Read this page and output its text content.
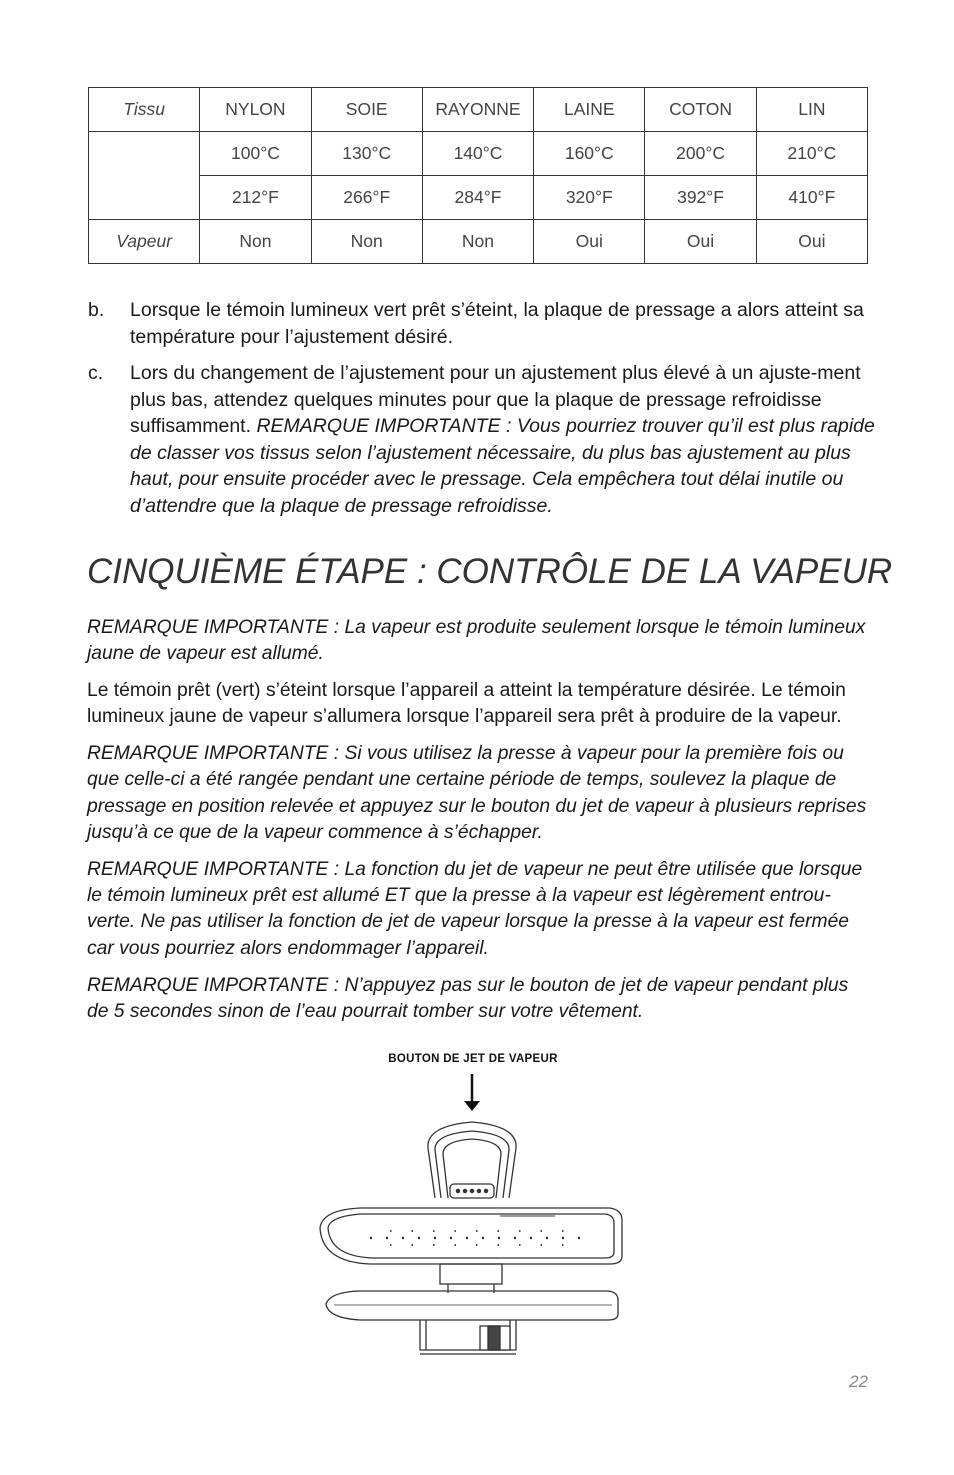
Tissu	NYLON	SOIE	RAYONNE	LAINE	COTON	LIN
	100°C	130°C	140°C	160°C	200°C	210°C
	212°F	266°F	284°F	320°F	392°F	410°F
Vapeur	Non	Non	Non	Oui	Oui	Oui
b. Lorsque le témoin lumineux vert prêt s’éteint, la plaque de pressage a alors atteint sa température pour l’ajustement désiré.
c. Lors du changement de l’ajustement pour un ajustement plus élevé à un ajuste-ment plus bas, attendez quelques minutes pour que la plaque de pressage refroidisse suffisamment. REMARQUE IMPORTANTE : Vous pourriez trouver qu’il est plus rapide de classer vos tissus selon l’ajustement nécessaire, du plus bas ajustement au plus haut, pour ensuite procéder avec le pressage. Cela empêchera tout délai inutile ou d’attendre que la plaque de pressage refroidisse.
CINQUIÈME ÉTAPE : CONTRÔLE DE LA VAPEUR

REMARQUE IMPORTANTE : La vapeur est produite seulement lorsque le témoin lumineux jaune de vapeur est allumé.

Le témoin prêt (vert) s’éteint lorsque l’appareil a atteint la température désirée. Le témoin lumineux jaune de vapeur s’allumera lorsque l’appareil sera prêt à produire de la vapeur.

REMARQUE IMPORTANTE : Si vous utilisez la presse à vapeur pour la première fois ou que celle-ci a été rangée pendant une certaine période de temps, soulevez la plaque de pressage en position relevée et appuyez sur le bouton du jet de vapeur à plusieurs reprises jusqu’à ce que de la vapeur commence à s’échapper.

REMARQUE IMPORTANTE : La fonction du jet de vapeur ne peut être utilisée que lorsque le témoin lumineux prêt est allumé ET que la presse à la vapeur est légèrement entrou-verte. Ne pas utiliser la fonction de jet de vapeur lorsque la presse à la vapeur est fermée car vous pourriez alors endommager l’appareil.

REMARQUE IMPORTANTE : N’appuyez pas sur le bouton de jet de vapeur pendant plus de 5 secondes sinon de l’eau pourrait tomber sur votre vêtement.

BOUTON DE JET DE VAPEUR
22
